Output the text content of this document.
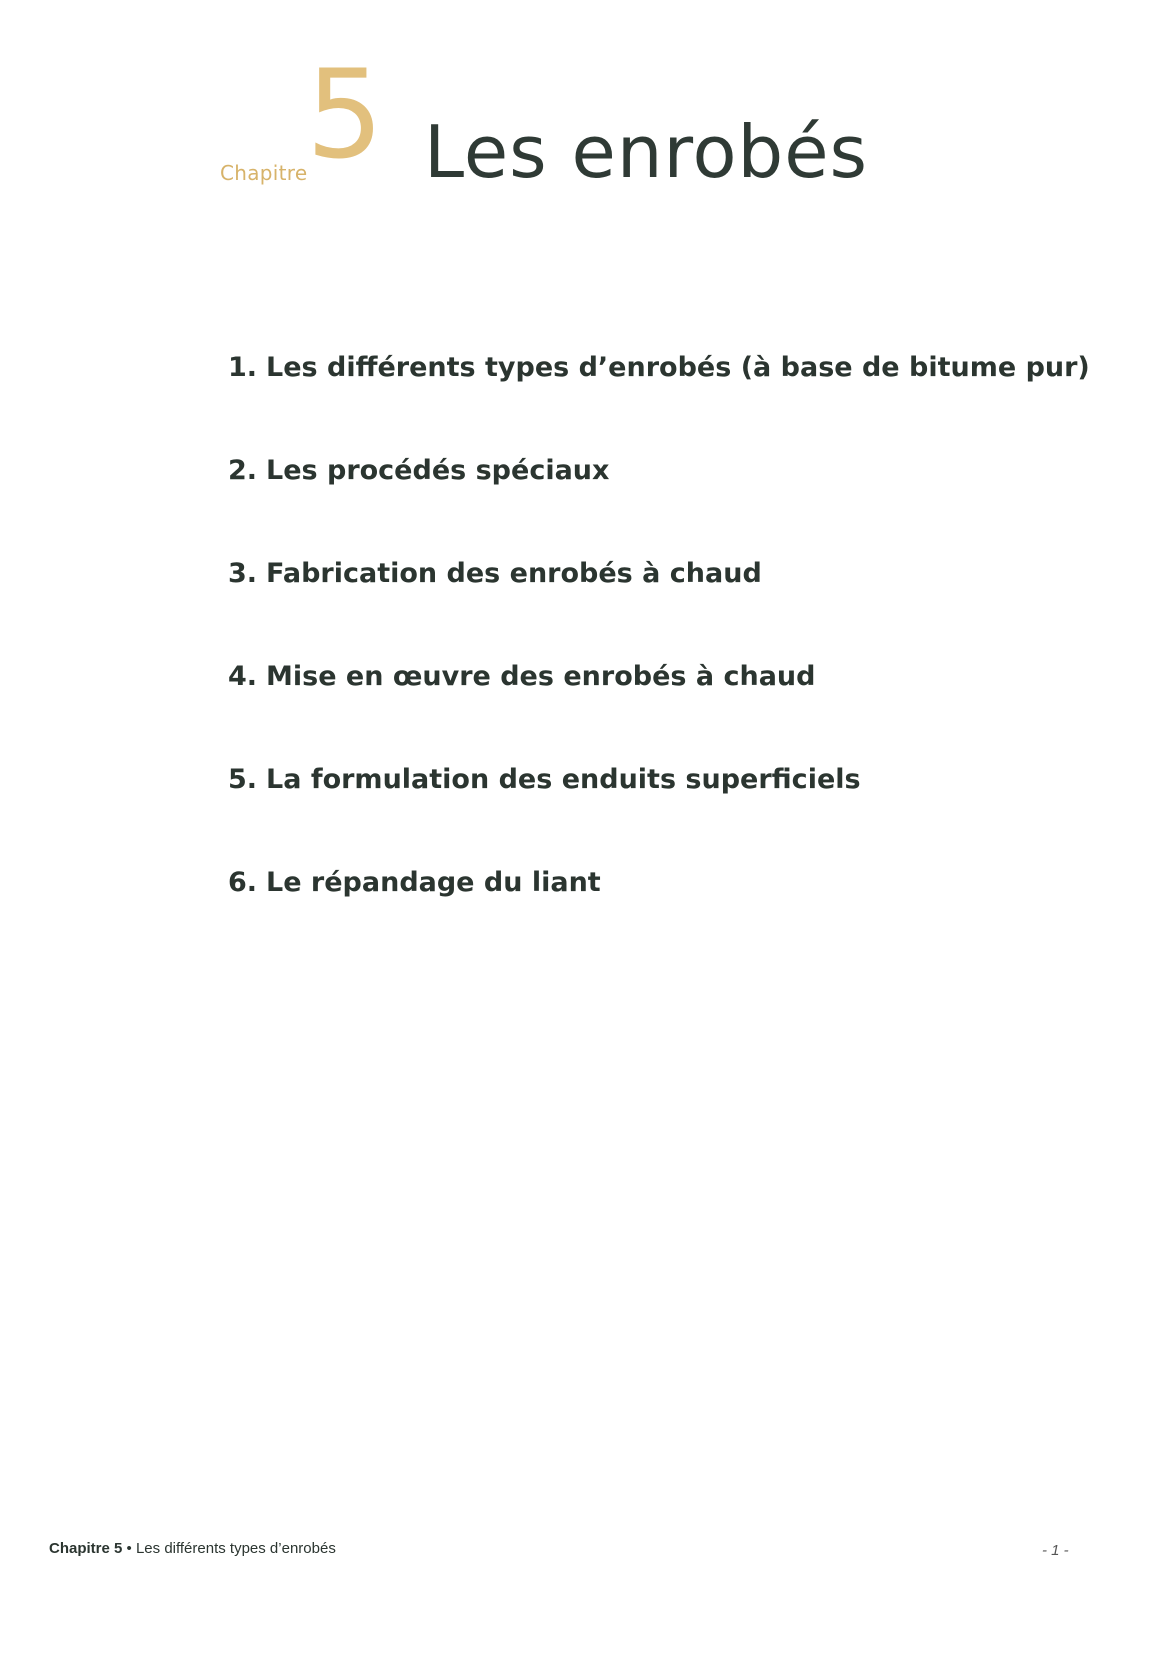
Chapitre
5 Les enrobés
1. Les différents types d’enrobés (à base de bitume pur)
2. Les procédés spéciaux
3. Fabrication des enrobés à chaud
4. Mise en œuvre des enrobés à chaud
5. La formulation des enduits superficiels
6. Le répandage du liant
Chapitre 5 • Les différents types d’enrobés	- 1 -
